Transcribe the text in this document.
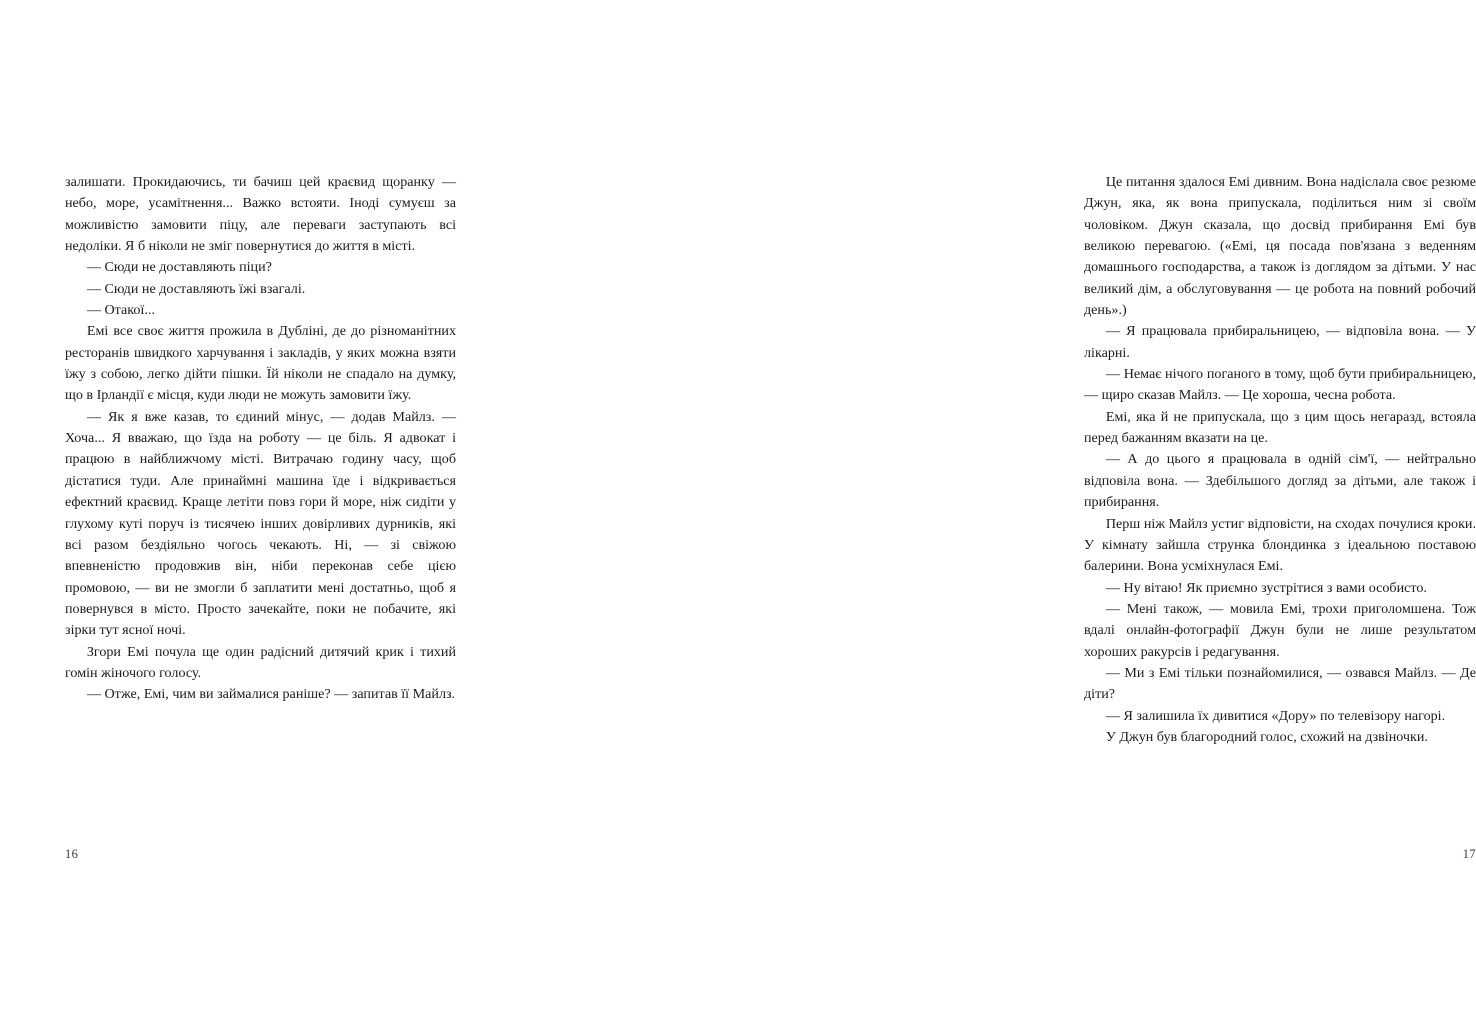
залишати. Прокидаючись, ти бачиш цей краєвид щоранку — небо, море, усамітнення... Важко встояти. Іноді сумуєш за можливістю замовити піцу, але переваги заступають всі недоліки. Я б ніколи не зміг повернутися до життя в місті.

— Сюди не доставляють піци?

— Сюди не доставляють їжі взагалі.

— Отакої...

Емі все своє життя прожила в Дубліні, де до різноманітних ресторанів швидкого харчування і закладів, у яких можна взяти їжу з собою, легко дійти пішки. Їй ніколи не спадало на думку, що в Ірландії є місця, куди люди не можуть замовити їжу.

— Як я вже казав, то єдиний мінус, — додав Майлз. — Хоча... Я вважаю, що їзда на роботу — це біль. Я адвокат і працюю в найближчому місті. Витрачаю годину часу, щоб дістатися туди. Але принаймні машина їде і відкривається ефектний краєвид. Краще летіти повз гори й море, ніж сидіти у глухому куті поруч із тисячею інших довірливих дурників, які всі разом бездіяльно чогось чекають. Ні, — зі свіжою впевненістю продовжив він, ніби переконав себе цією промовою, — ви не змогли б заплатити мені достатньо, щоб я повернувся в місто. Просто зачекайте, поки не побачите, які зірки тут ясної ночі.

Згори Емі почула ще один радісний дитячий крик і тихий гомін жіночого голосу.

— Отже, Емі, чим ви займалися раніше? — запитав її Майлз.

16

Це питання здалося Емі дивним. Вона надіслала своє резюме Джун, яка, як вона припускала, поділиться ним зі своїм чоловіком. Джун сказала, що досвід прибирання Емі був великою перевагою. («Емі, ця посада пов'язана з веденням домашнього господарства, а також із доглядом за дітьми. У нас великий дім, а обслуговування — це робота на повний робочий день».)

— Я працювала прибиральницею, — відповіла вона. — У лікарні.

— Немає нічого поганого в тому, щоб бути прибиральницею, — щиро сказав Майлз. — Це хороша, чесна робота.

Емі, яка й не припускала, що з цим щось негаразд, встояла перед бажанням вказати на це.

— А до цього я працювала в одній сім'ї, — нейтрально відповіла вона. — Здебільшого догляд за дітьми, але також і прибирання.

Перш ніж Майлз устиг відповісти, на сходах почулися кроки. У кімнату зайшла струнка блондинка з ідеальною поставою балерини. Вона усміхнулася Емі.

— Ну вітаю! Як приємно зустрітися з вами особисто.

— Мені також, — мовила Емі, трохи приголомшена. Тож вдалі онлайн-фотографії Джун були не лише результатом хороших ракурсів і редагування.

— Ми з Емі тільки познайомилися, — озвався Майлз. — Де діти?

— Я залишила їх дивитися «Дору» по телевізору нагорі.

У Джун був благородний голос, схожий на дзвіночки.

17
